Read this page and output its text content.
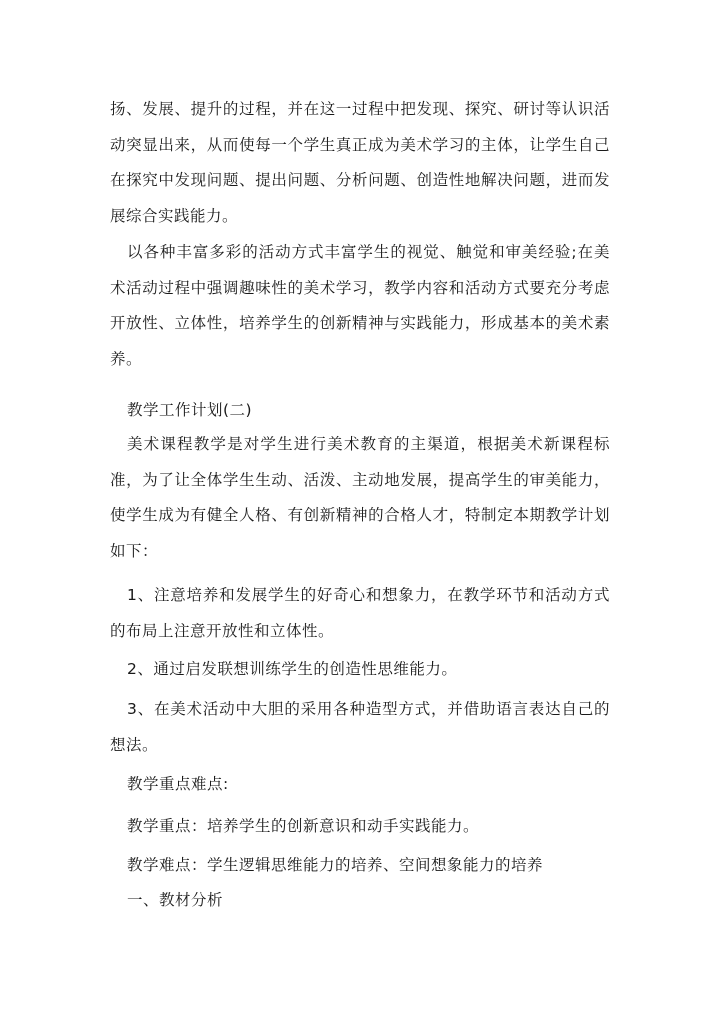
扬、发展、提升的过程，并在这一过程中把发现、探究、研讨等认识活动突显出来，从而使每一个学生真正成为美术学习的主体，让学生自己在探究中发现问题、提出问题、分析问题、创造性地解决问题，进而发展综合实践能力。

以各种丰富多彩的活动方式丰富学生的视觉、触觉和审美经验;在美术活动过程中强调趣味性的美术学习，教学内容和活动方式要充分考虑开放性、立体性，培养学生的创新精神与实践能力，形成基本的美术素养。

教学工作计划(二)

美术课程教学是对学生进行美术教育的主渠道，根据美术新课程标准，为了让全体学生生动、活泼、主动地发展，提高学生的审美能力，使学生成为有健全人格、有创新精神的合格人才，特制定本期教学计划如下：

1、注意培养和发展学生的好奇心和想象力，在教学环节和活动方式的布局上注意开放性和立体性。

2、通过启发联想训练学生的创造性思维能力。

3、在美术活动中大胆的采用各种造型方式，并借助语言表达自己的想法。

教学重点难点:

教学重点：培养学生的创新意识和动手实践能力。

教学难点：学生逻辑思维能力的培养、空间想象能力的培养

一、教材分析
